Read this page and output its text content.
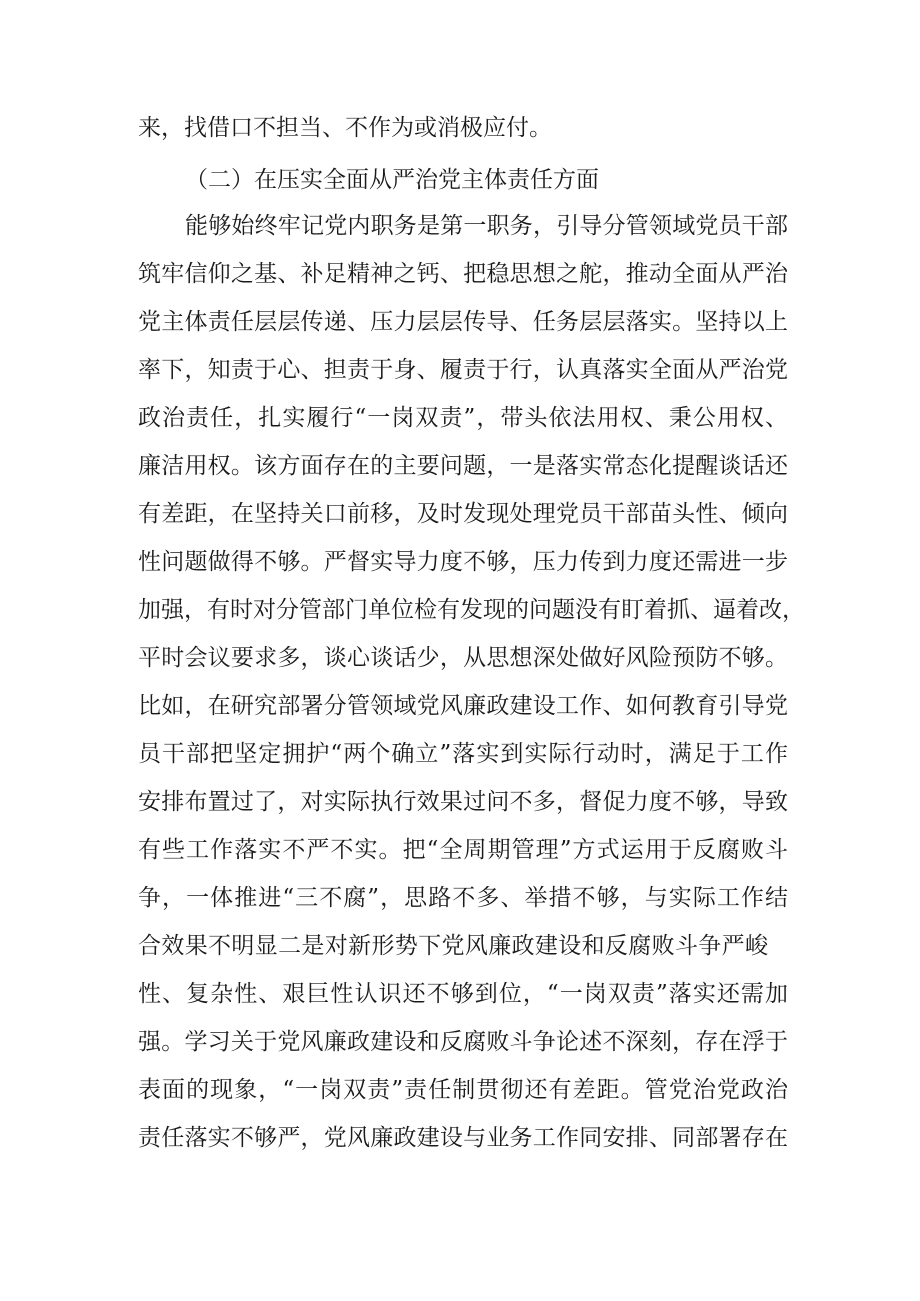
来，找借口不担当、不作为或消极应付。
（二）在压实全面从严治党主体责任方面
能够始终牢记党内职务是第一职务，引导分管领域党员干部
筑牢信仰之基、补足精神之钙、把稳思想之舵，推动全面从严治
党主体责任层层传递、压力层层传导、任务层层落实。坚持以上
率下，知责于心、担责于身、履责于行，认真落实全面从严治党
政治责任，扎实履行“一岗双责”，带头依法用权、秉公用权、
廉洁用权。该方面存在的主要问题，一是落实常态化提醒谈话还
有差距，在坚持关口前移，及时发现处理党员干部苗头性、倾向
性问题做得不够。严督实导力度不够，压力传到力度还需进一步
加强，有时对分管部门单位检有发现的问题没有盯着抓、逼着改，
平时会议要求多，谈心谈话少，从思想深处做好风险预防不够。
比如，在研究部署分管领域党风廉政建设工作、如何教育引导党
员干部把坚定拥护“两个确立”落实到实际行动时，满足于工作
安排布置过了，对实际执行效果过问不多，督促力度不够，导致
有些工作落实不严不实。把“全周期管理”方式运用于反腐败斗
争，一体推进“三不腐”，思路不多、举措不够，与实际工作结
合效果不明显二是对新形势下党风廉政建设和反腐败斗争严峻
性、复杂性、艰巨性认识还不够到位，“一岗双责”落实还需加
强。学习关于党风廉政建设和反腐败斗争论述不深刻，存在浮于
表面的现象，“一岗双责”责任制贯彻还有差距。管党治党政治
责任落实不够严，党风廉政建设与业务工作同安排、同部署存在
